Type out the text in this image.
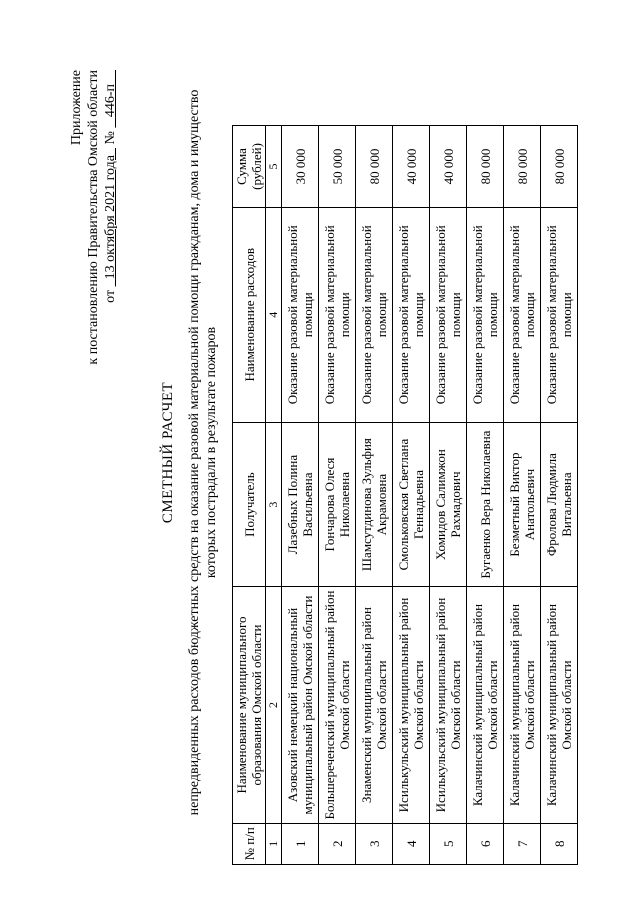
Приложение к постановлению Правительства Омской области от   13 октября 2021 года   №    446-п
СМЕТНЫЙ РАСЧЕТ непредвиденных расходов бюджетных средств на оказание разовой материальной помощи гражданам, дома и имущество которых пострадали в результате пожаров
№ п/п	Наименование муниципального образования Омской области	Получатель	Наименование расходов	Сумма (рублей)
1	2	3	4	5
1	Азовский немецкий национальный муниципальный район Омской области	Лазебных Полина Васильевна	Оказание разовой материальной помощи	30 000
2	Большереченский муниципальный район Омской области	Гончарова Олеся Николаевна	Оказание разовой материальной помощи	50 000
3	Знаменский муниципальный район Омской области	Шамсутдинова Зульфия Акрамовна	Оказание разовой материальной помощи	80 000
4	Исилькульский муниципальный район Омской области	Смольковская Светлана Геннадьевна	Оказание разовой материальной помощи	40 000
5	Исилькульский муниципальный район Омской области	Хомидов Салимжон Рахмадович	Оказание разовой материальной помощи	40 000
6	Калачинский муниципальный район Омской области	Бугаенко Вера Николаевна	Оказание разовой материальной помощи	80 000
7	Калачинский муниципальный район Омской области	Безметный Виктор Анатольевич	Оказание разовой материальной помощи	80 000
8	Калачинский муниципальный район Омской области	Фролова Людмила Витальевна	Оказание разовой материальной помощи	80 000
